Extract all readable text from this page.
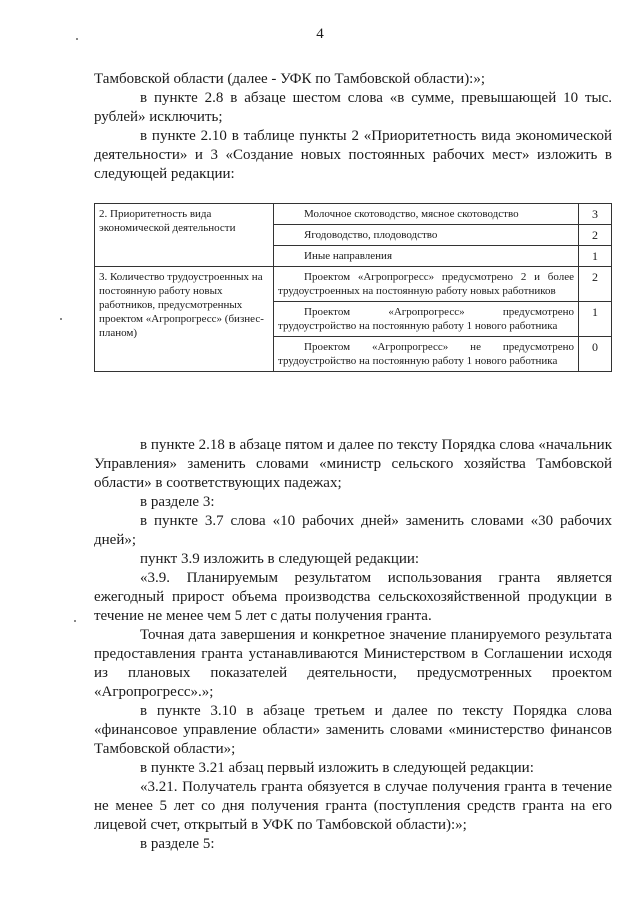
4

Тамбовской области (далее - УФК по Тамбовской области):»;

в пункте 2.8 в абзаце шестом слова «в сумме, превышающей 10 тыс. рублей» исключить;

в пункте 2.10 в таблице пункты 2 «Приоритетность вида экономической деятельности» и 3 «Создание новых постоянных рабочих мест» изложить в следующей редакции:

2. Приоритетность вида экономической деятельности	Молочное скотоводство, мясное скотоводство	3
	Ягодоводство, плодоводство	2
	Иные направления	1
3. Количество трудоустроенных на постоянную работу новых работников, предусмотренных проектом «Агропрогресс» (бизнес-планом)	Проектом «Агропрогресс» предусмотрено 2 и более трудоустроенных на постоянную работу новых работников	2
	Проектом «Агропрогресс» предусмотрено трудоустройство на постоянную работу 1 нового работника	1
	Проектом «Агропрогресс» не предусмотрено трудоустройство на постоянную работу 1 нового работника	0

в пункте 2.18 в абзаце пятом и далее по тексту Порядка слова «начальник Управления» заменить словами «министр сельского хозяйства Тамбовской области» в соответствующих падежах;

в разделе 3:

в пункте 3.7 слова «10 рабочих дней» заменить словами «30 рабочих дней»;

пункт 3.9 изложить в следующей редакции:

«3.9. Планируемым результатом использования гранта является ежегодный прирост объема производства сельскохозяйственной продукции в течение не менее чем 5 лет с даты получения гранта.

Точная дата завершения и конкретное значение планируемого результата предоставления гранта устанавливаются Министерством в Соглашении исходя из плановых показателей деятельности, предусмотренных проектом «Агропрогресс».»;

в пункте 3.10 в абзаце третьем и далее по тексту Порядка слова «финансовое управление области» заменить словами «министерство финансов Тамбовской области»;

в пункте 3.21 абзац первый изложить в следующей редакции:

«3.21. Получатель гранта обязуется в случае получения гранта в течение не менее 5 лет со дня получения гранта (поступления средств гранта на его лицевой счет, открытый в УФК по Тамбовской области):»;

в разделе 5:
